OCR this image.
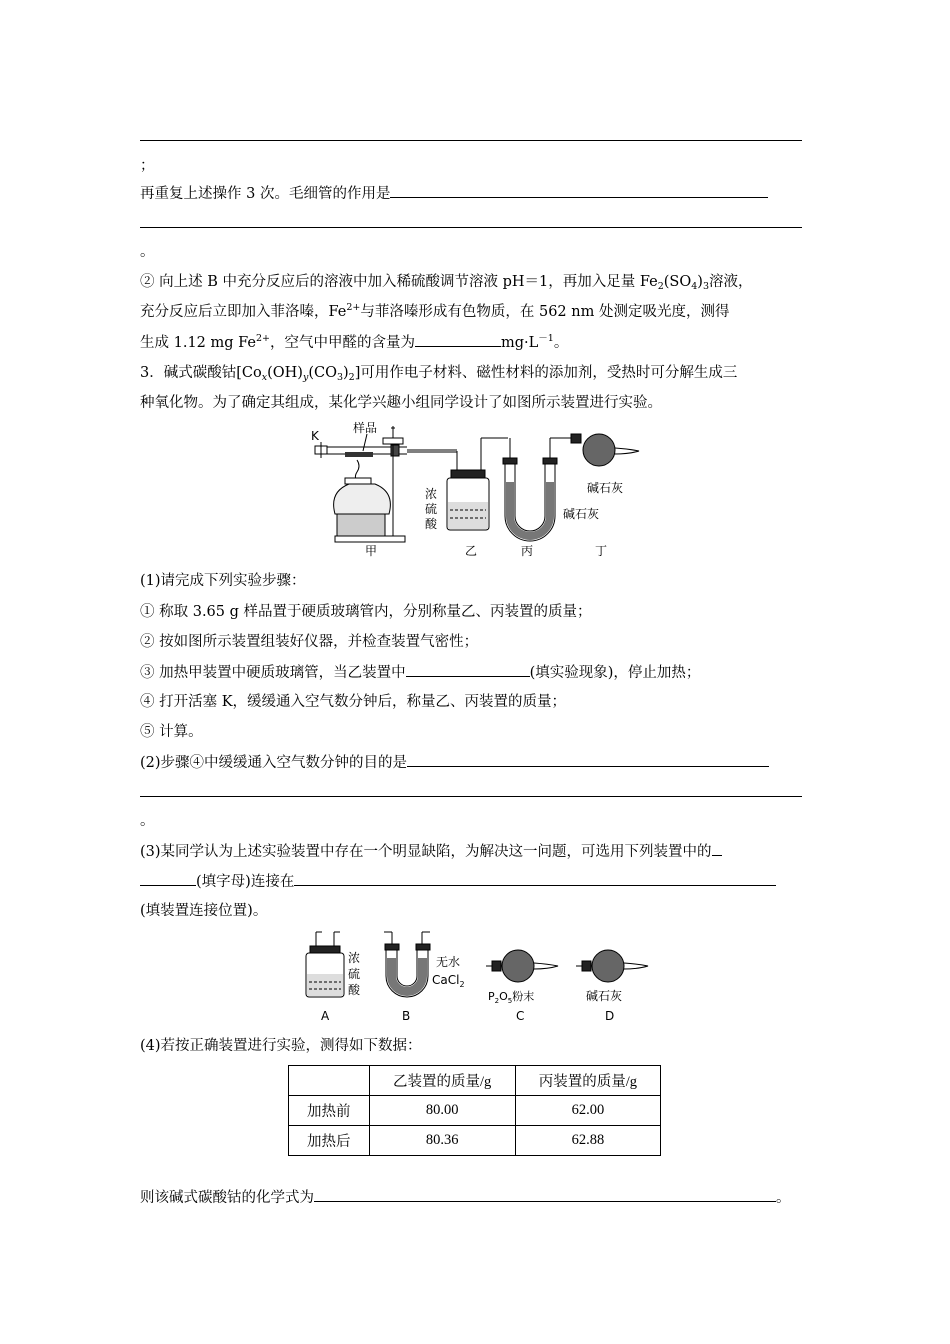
；
再重复上述操作 3 次。毛细管的作用是
。
② 向上述 B 中充分反应后的溶液中加入稀硫酸调节溶液 pH＝1，再加入足量 $Fe_2(SO_4)_3$溶液，
充分反应后立即加入菲洛嗪，$Fe^{2+}$与菲洛嗪形成有色物质，在 562 nm 处测定吸光度，测得
生成 1.12 mg $Fe^{2+}$，空气中甲醛的含量为	$mg\cdot L^{-1}$。
3．碱式碳酸钴$[Co_x(OH)_y(CO_3)_2]$可用作电子材料、磁性材料的添加剂，受热时可分解生成三
种氧化物。为了确定其组成，某化学兴趣小组同学设计了如图所示装置进行实验。
K
样品
甲
浓
硫
酸
乙
碱石灰
丙
碱石灰
丁
(1)请完成下列实验步骤：
① 称取 3.65 g 样品置于硬质玻璃管内，分别称量乙、丙装置的质量；
② 按如图所示装置组装好仪器，并检查装置气密性；
③ 加热甲装置中硬质玻璃管，当乙装置中	(填实验现象)，停止加热；
④ 打开活塞 K，缓缓通入空气数分钟后，称量乙、丙装置的质量；
⑤ 计算。
(2)步骤④中缓缓通入空气数分钟的目的是
。
(3)某同学认为上述实验装置中存在一个明显缺陷，为解决这一问题，可选用下列装置中的
(填字母)连接在
(填装置连接位置)。
浓
硫
酸
A
无水
CaCl$_2$
B
$P_2O_5$粉末
C
碱石灰
D
(4)若按正确装置进行实验，测得如下数据：
	乙装置的质量/g	丙装置的质量/g
加热前	80.00	62.00
加热后	80.36	62.88
则该碱式碳酸钴的化学式为	。
